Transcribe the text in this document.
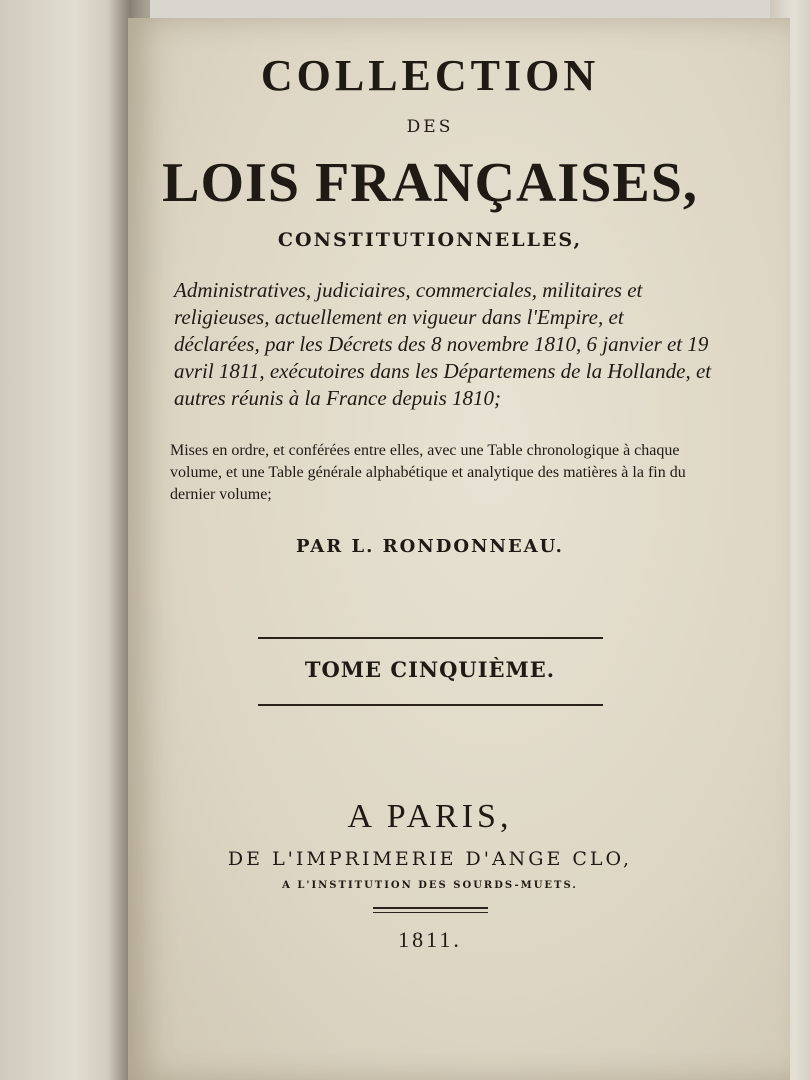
COLLECTION
DES
LOIS FRANÇAISES,
CONSTITUTIONNELLES,

Administratives, judiciaires, commerciales, militaires et religieuses, actuellement en vigueur dans l'Empire, et déclarées, par les Décrets des 8 novembre 1810, 6 janvier et 19 avril 1811, exécutoires dans les Départemens de la Hollande, et autres réunis à la France depuis 1810;

Mises en ordre, et conférées entre elles, avec une Table chronologique à chaque volume, et une Table générale alphabétique et analytique des matières à la fin du dernier volume;

PAR L. RONDONNEAU.
TOME CINQUIÈME.
A PARIS,
DE L'IMPRIMERIE D'ANGE CLO,
A L'INSTITUTION DES SOURDS-MUETS.
1811.
